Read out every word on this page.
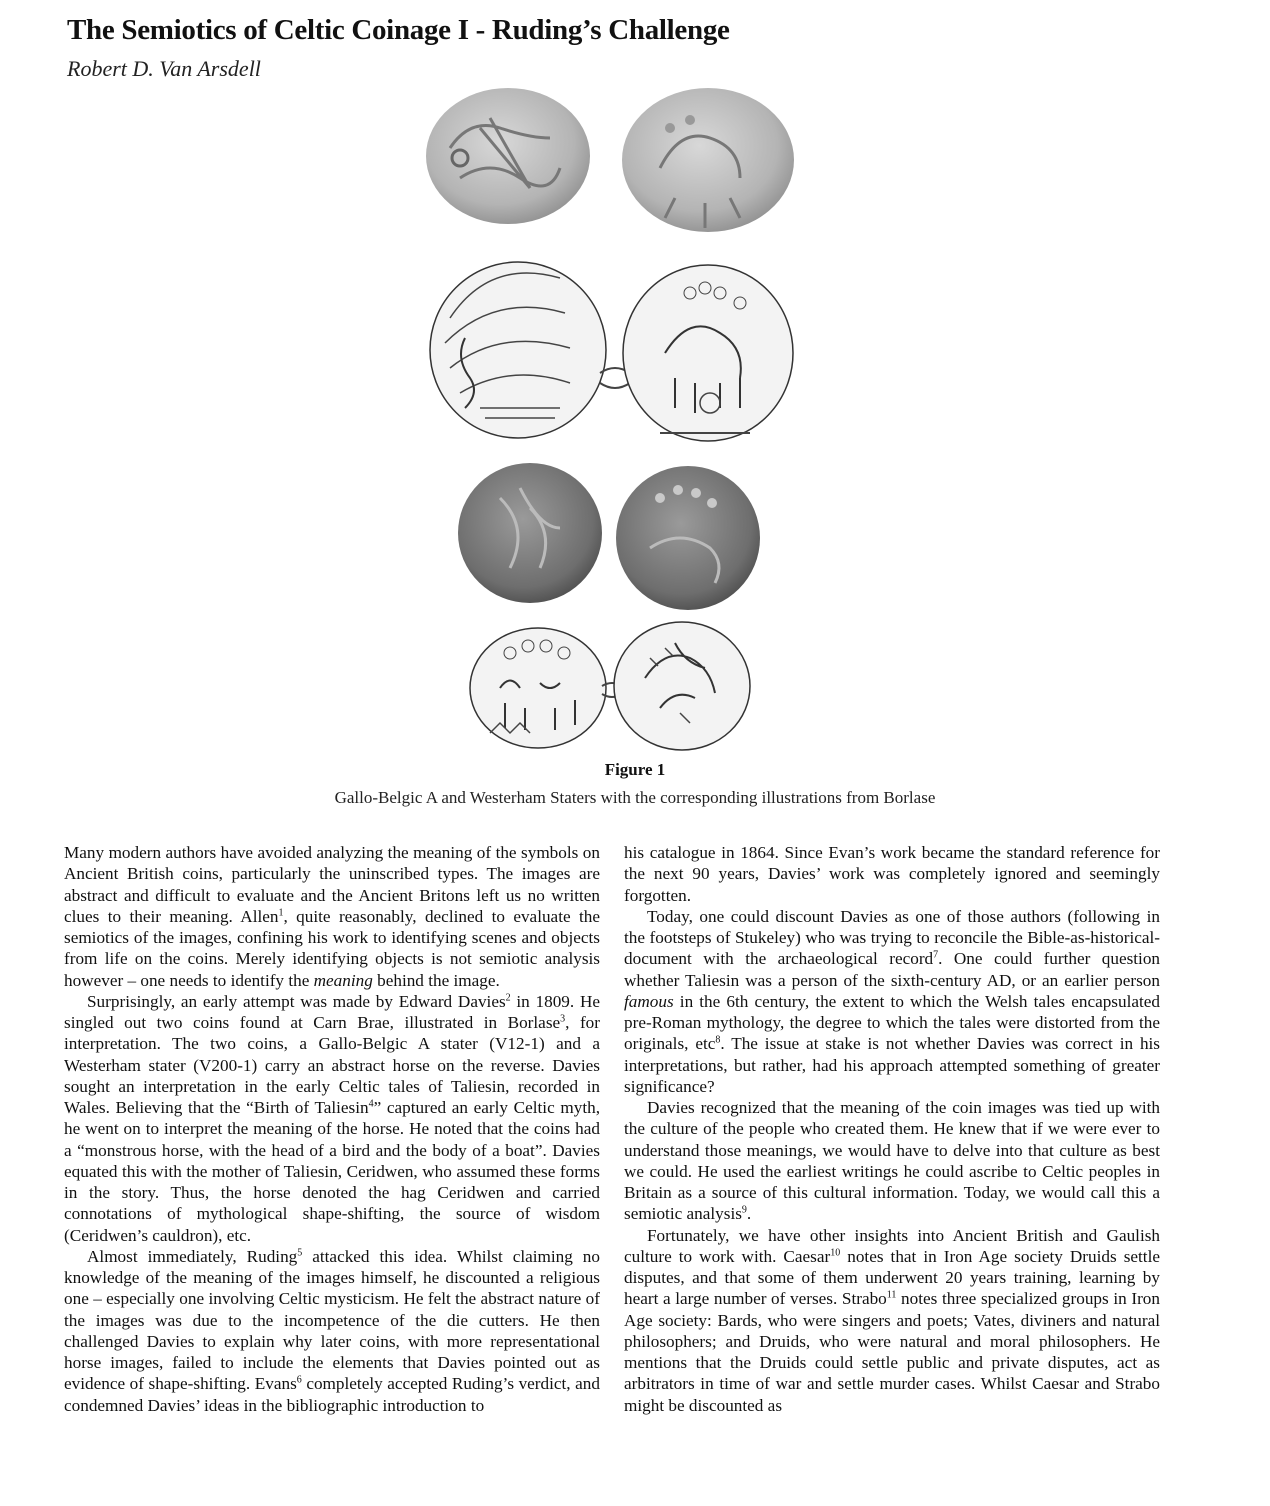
The Semiotics of Celtic Coinage I - Ruding’s Challenge
Robert D. Van Arsdell
Figure 1
Gallo-Belgic A and Westerham Staters with the corresponding illustrations from Borlase

Many modern authors have avoided analyzing the meaning of the symbols on Ancient British coins, particularly the uninscribed types. The images are abstract and difficult to evaluate and the Ancient Britons left us no written clues to their meaning. Allen$^1$, quite reasonably, declined to evaluate the semiotics of the images, confining his work to identifying scenes and objects from life on the coins. Merely identifying objects is not semiotic analysis however – one needs to identify the meaning behind the image.

Surprisingly, an early attempt was made by Edward Davies$^2$ in 1809. He singled out two coins found at Carn Brae, illustrated in Borlase$^3$, for interpretation. The two coins, a Gallo-Belgic A stater (V12-1) and a Westerham stater (V200-1) carry an abstract horse on the reverse. Davies sought an interpretation in the early Celtic tales of Taliesin, recorded in Wales. Believing that the “Birth of Taliesin$^4$” captured an early Celtic myth, he went on to interpret the meaning of the horse. He noted that the coins had a “monstrous horse, with the head of a bird and the body of a boat”. Davies equated this with the mother of Taliesin, Ceridwen, who assumed these forms in the story. Thus, the horse denoted the hag Ceridwen and carried connotations of mythological shape-shifting, the source of wisdom (Ceridwen’s cauldron), etc.

Almost immediately, Ruding$^5$ attacked this idea. Whilst claiming no knowledge of the meaning of the images himself, he discounted a religious one – especially one involving Celtic mysticism. He felt the abstract nature of the images was due to the incompetence of the die cutters. He then challenged Davies to explain why later coins, with more representational horse images, failed to include the elements that Davies pointed out as evidence of shape-shifting. Evans$^6$ completely accepted Ruding’s verdict, and condemned Davies’ ideas in the bibliographic introduction to

his catalogue in 1864. Since Evan’s work became the standard reference for the next 90 years, Davies’ work was completely ignored and seemingly forgotten.

Today, one could discount Davies as one of those authors (following in the footsteps of Stukeley) who was trying to reconcile the Bible-as-historical-document with the archaeological record$^7$. One could further question whether Taliesin was a person of the sixth-century AD, or an earlier person famous in the 6th century, the extent to which the Welsh tales encapsulated pre-Roman mythology, the degree to which the tales were distorted from the originals, etc$^8$. The issue at stake is not whether Davies was correct in his interpretations, but rather, had his approach attempted something of greater significance?

Davies recognized that the meaning of the coin images was tied up with the culture of the people who created them. He knew that if we were ever to understand those meanings, we would have to delve into that culture as best we could. He used the earliest writings he could ascribe to Celtic peoples in Britain as a source of this cultural information. Today, we would call this a semiotic analysis$^9$.

Fortunately, we have other insights into Ancient British and Gaulish culture to work with. Caesar$^{10}$ notes that in Iron Age society Druids settle disputes, and that some of them underwent 20 years training, learning by heart a large number of verses. Strabo$^{11}$ notes three specialized groups in Iron Age society: Bards, who were singers and poets; Vates, diviners and natural philosophers; and Druids, who were natural and moral philosophers. He mentions that the Druids could settle public and private disputes, act as arbitrators in time of war and settle murder cases. Whilst Caesar and Strabo might be discounted as
